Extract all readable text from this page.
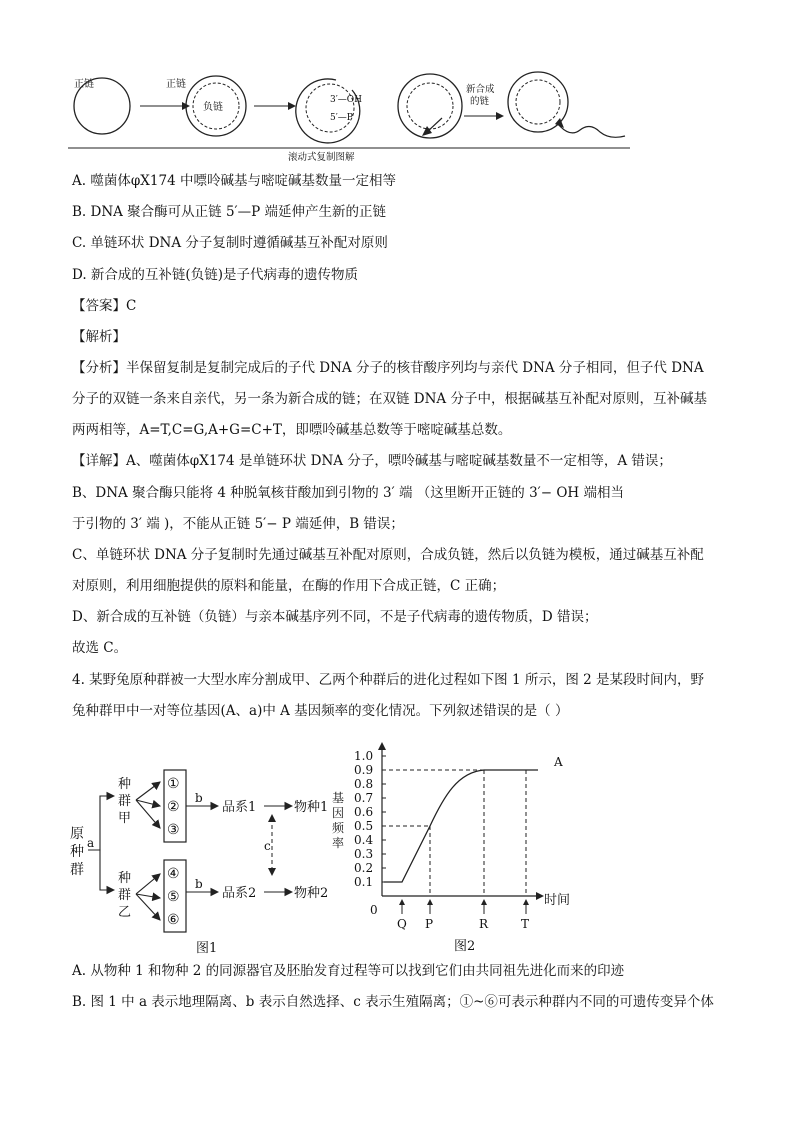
正链	正链
负链
3′—OH
5′—P
新合成
的链
滚动式复制图解
A. 噬菌体φX174 中嘌呤碱基与嘧啶碱基数量一定相等
B. DNA 聚合酶可从正链 5′—P 端延伸产生新的正链
C. 单链环状 DNA 分子复制时遵循碱基互补配对原则
D. 新合成的互补链(负链)是子代病毒的遗传物质
【答案】C
【解析】
【分析】半保留复制是复制完成后的子代 DNA 分子的核苷酸序列均与亲代 DNA 分子相同，但子代 DNA
分子的双链一条来自亲代，另一条为新合成的链；在双链 DNA 分子中，根据碱基互补配对原则，互补碱基
两两相等，A=T,C=G,A+G=C+T，即嘌呤碱基总数等于嘧啶碱基总数。
【详解】A、噬菌体φX174 是单链环状 DNA 分子，嘌呤碱基与嘧啶碱基数量不一定相等，A 错误；
B、DNA 聚合酶只能将 4 种脱氧核苷酸加到引物的 3′ 端 （这里断开正链的 3′− OH 端相当
于引物的 3′ 端 )，不能从正链 5′− P 端延伸，B 错误；
C、单链环状 DNA 分子复制时先通过碱基互补配对原则，合成负链，然后以负链为模板，通过碱基互补配
对原则，利用细胞提供的原料和能量，在酶的作用下合成正链，C 正确；
D、新合成的互补链（负链）与亲本碱基序列不同，不是子代病毒的遗传物质，D 错误；
故选 C。
4. 某野兔原种群被一大型水库分割成甲、乙两个种群后的进化过程如下图 1 所示，图 2 是某段时间内，野
兔种群甲中一对等位基因(A、a)中 A 基因频率的变化情况。下列叙述错误的是（ ）
原
种
群
a
种
群
甲
①
②
③
b
品系1	物种1
c
种
群
乙
④
⑤
⑥
b
品系2	物种2
图1
1.0
0.9
0.8
0.7
0.6
0.5
0.4
0.3
0.2
0.1
基
因
频
率
Q P	R	T
时间
0
A
图2
A. 从物种 1 和物种 2 的同源器官及胚胎发育过程等可以找到它们由共同祖先进化而来的印迹
B. 图 1 中 a 表示地理隔离、b 表示自然选择、c 表示生殖隔离；①~⑥可表示种群内不同的可遗传变异个体
